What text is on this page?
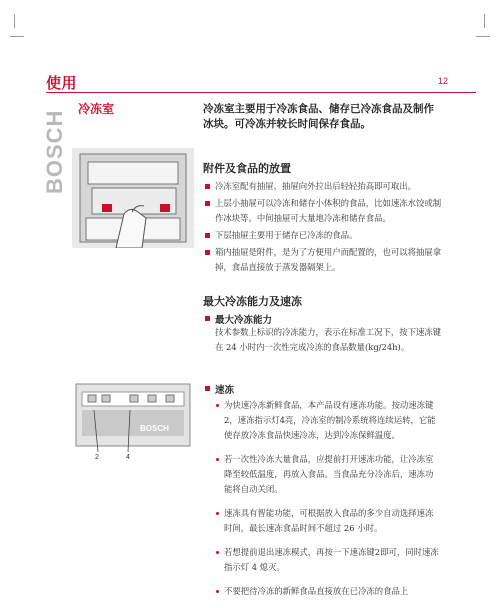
使用	12
BOSCH
冷冻室	冷冻室主要用于冷冻食品、储存已冷冻食品及制作冰块。可冷冻并较长时间保存食品。
附件及食品的放置
冷冻室配有抽屉，抽屉向外拉出后轻轻抬高即可取出。
上层小抽屉可以冷冻和储存小体积的食品，比如速冻水饺或制作冰块等。中间抽屉可大量地冷冻和储存食品。
下层抽屉主要用于储存已冷冻的食品。
箱内抽屉是附件，是为了方便用户而配置的，也可以将抽屉拿掉，食品直接放于蒸发器隔架上。
最大冷冻能力及速冻
最大冷冻能力
技术参数上标识的冷冻能力，表示在标准工况下，按下速冻键在 24 小时内一次性完成冷冻的食品数量(kg/24h)。
BOSCH
2	4
速冻
为快速冷冻新鲜食品，本产品设有速冻功能。按动速冻键2，速冻指示灯4亮，冷冻室的制冷系统将连续运转，它能使存放冷冻食品快速冷冻，达到冷冻保鲜温度。
若一次性冷冻大量食品，应提前打开速冻功能，让冷冻室降至较低温度，再放入食品。当食品充分冷冻后，速冻功能将自动关闭。
速冻具有智能功能，可根据放入食品的多少自动选择速冻时间，最长速冻食品时间不超过 26 小时。
若想提前退出速冻模式，再按一下速冻键2即可，同时速冻指示灯 4 熄灭。
不要把待冷冻的新鲜食品直接放在已冷冻的食品上
